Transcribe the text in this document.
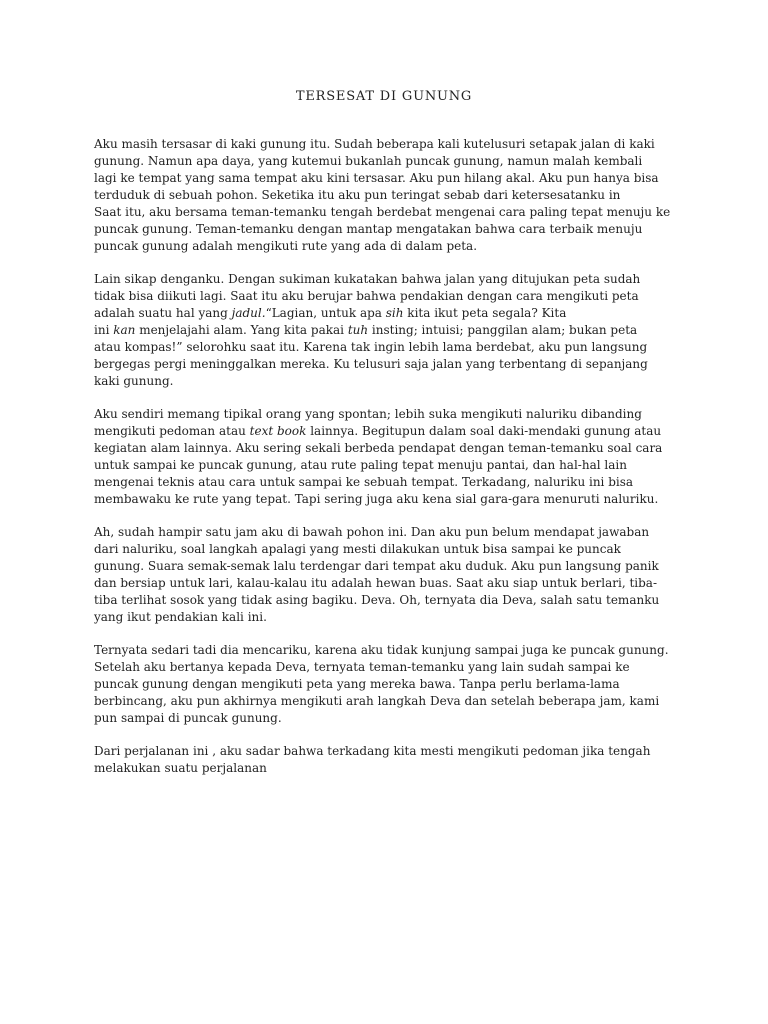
TERSESAT DI GUNUNG
Aku masih tersasar di kaki gunung itu. Sudah beberapa kali kutelusuri setapak jalan di kaki
gunung. Namun apa daya, yang kutemui bukanlah puncak gunung, namun malah kembali
lagi ke tempat yang sama tempat aku kini tersasar. Aku pun hilang akal. Aku pun hanya bisa
terduduk di sebuah pohon. Seketika itu aku pun teringat sebab dari ketersesatanku in
Saat itu, aku bersama teman-temanku tengah berdebat mengenai cara paling tepat menuju ke
puncak gunung. Teman-temanku dengan mantap mengatakan bahwa cara terbaik menuju
puncak gunung adalah mengikuti rute yang ada di dalam peta.
Lain sikap denganku. Dengan sukiman kukatakan bahwa jalan yang ditujukan peta sudah
tidak bisa diikuti lagi. Saat itu aku berujar bahwa pendakian dengan cara mengikuti peta
adalah suatu hal yang jadul.“Lagian, untuk apa sih kita ikut peta segala? Kita
ini kan menjelajahi alam. Yang kita pakai tuh insting; intuisi; panggilan alam; bukan peta
atau kompas!” selorohku saat itu. Karena tak ingin lebih lama berdebat, aku pun langsung
bergegas pergi meninggalkan mereka. Ku telusuri saja jalan yang terbentang di sepanjang
kaki gunung.
Aku sendiri memang tipikal orang yang spontan; lebih suka mengikuti naluriku dibanding
mengikuti pedoman atau text book lainnya. Begitupun dalam soal daki-mendaki gunung atau
kegiatan alam lainnya. Aku sering sekali berbeda pendapat dengan teman-temanku soal cara
untuk sampai ke puncak gunung, atau rute paling tepat menuju pantai, dan hal-hal lain
mengenai teknis atau cara untuk sampai ke sebuah tempat. Terkadang, naluriku ini bisa
membawaku ke rute yang tepat. Tapi sering juga aku kena sial gara-gara menuruti naluriku.
Ah, sudah hampir satu jam aku di bawah pohon ini. Dan aku pun belum mendapat jawaban
dari naluriku, soal langkah apalagi yang mesti dilakukan untuk bisa sampai ke puncak
gunung. Suara semak-semak lalu terdengar dari tempat aku duduk. Aku pun langsung panik
dan bersiap untuk lari, kalau-kalau itu adalah hewan buas. Saat aku siap untuk berlari, tiba-
tiba terlihat sosok yang tidak asing bagiku. Deva. Oh, ternyata dia Deva, salah satu temanku
yang ikut pendakian kali ini.
Ternyata sedari tadi dia mencariku, karena aku tidak kunjung sampai juga ke puncak gunung.
Setelah aku bertanya kepada Deva, ternyata teman-temanku yang lain sudah sampai ke
puncak gunung dengan mengikuti peta yang mereka bawa. Tanpa perlu berlama-lama
berbincang, aku pun akhirnya mengikuti arah langkah Deva dan setelah beberapa jam, kami
pun sampai di puncak gunung.
Dari perjalanan ini , aku sadar bahwa terkadang kita mesti mengikuti pedoman jika tengah
melakukan suatu perjalanan
